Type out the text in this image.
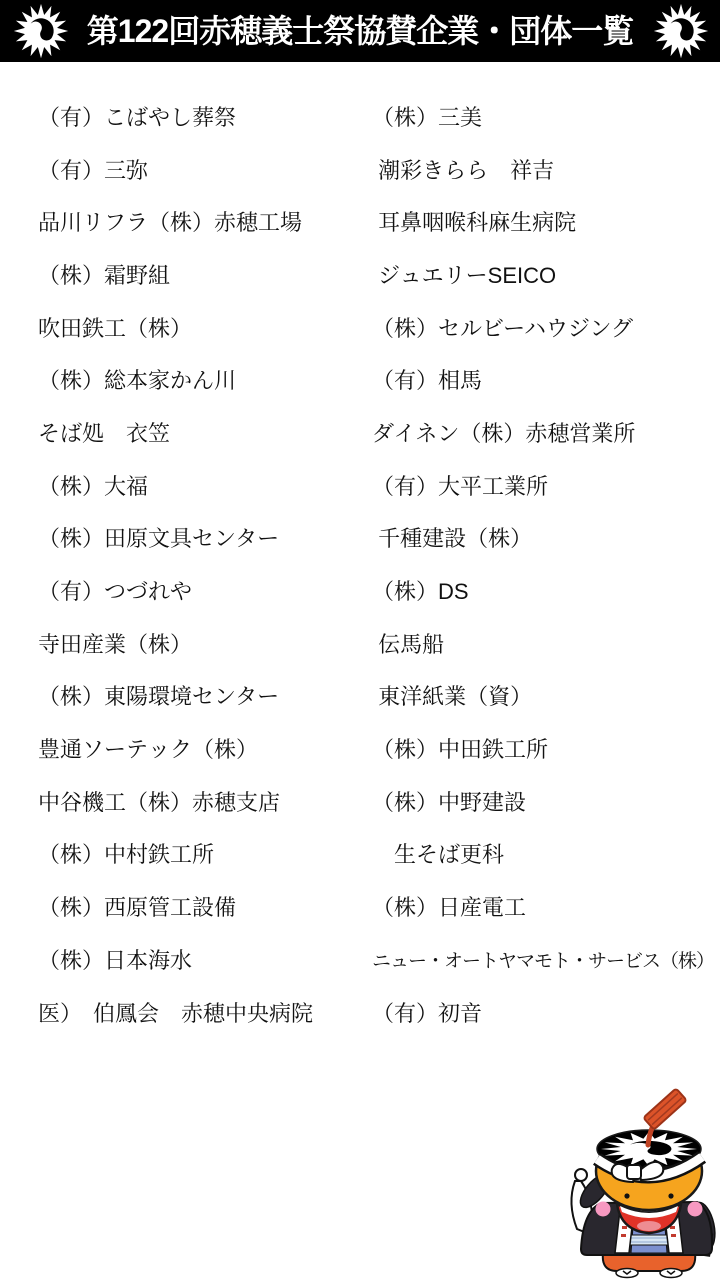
第122回赤穂義士祭協賛企業・団体一覧
（有）こばやし葬祭
（有）三弥
品川リフラ（株）赤穂工場
（株）霜野組
吹田鉄工（株）
（株）総本家かん川
そば処　衣笠
（株）大福
（株）田原文具センター
（有）つづれや
寺田産業（株）
（株）東陽環境センター
豊通ソーテック（株）
中谷機工（株）赤穂支店
（株）中村鉄工所
（株）西原管工設備
（株）日本海水
医）　伯鳳会　赤穂中央病院
（株）三美
潮彩きらら　祥吉
耳鼻咽喉科麻生病院
ジュエリーSEICO
（株）セルビーハウジング
（有）相馬
ダイネン（株）赤穂営業所
（有）大平工業所
千種建設（株）
（株）DS
伝馬船
東洋紙業（資）
（株）中田鉄工所
（株）中野建設
　生そば更科
（株）日産電工
ニュー・オートヤマモト・サービス（株）
（有）初音
